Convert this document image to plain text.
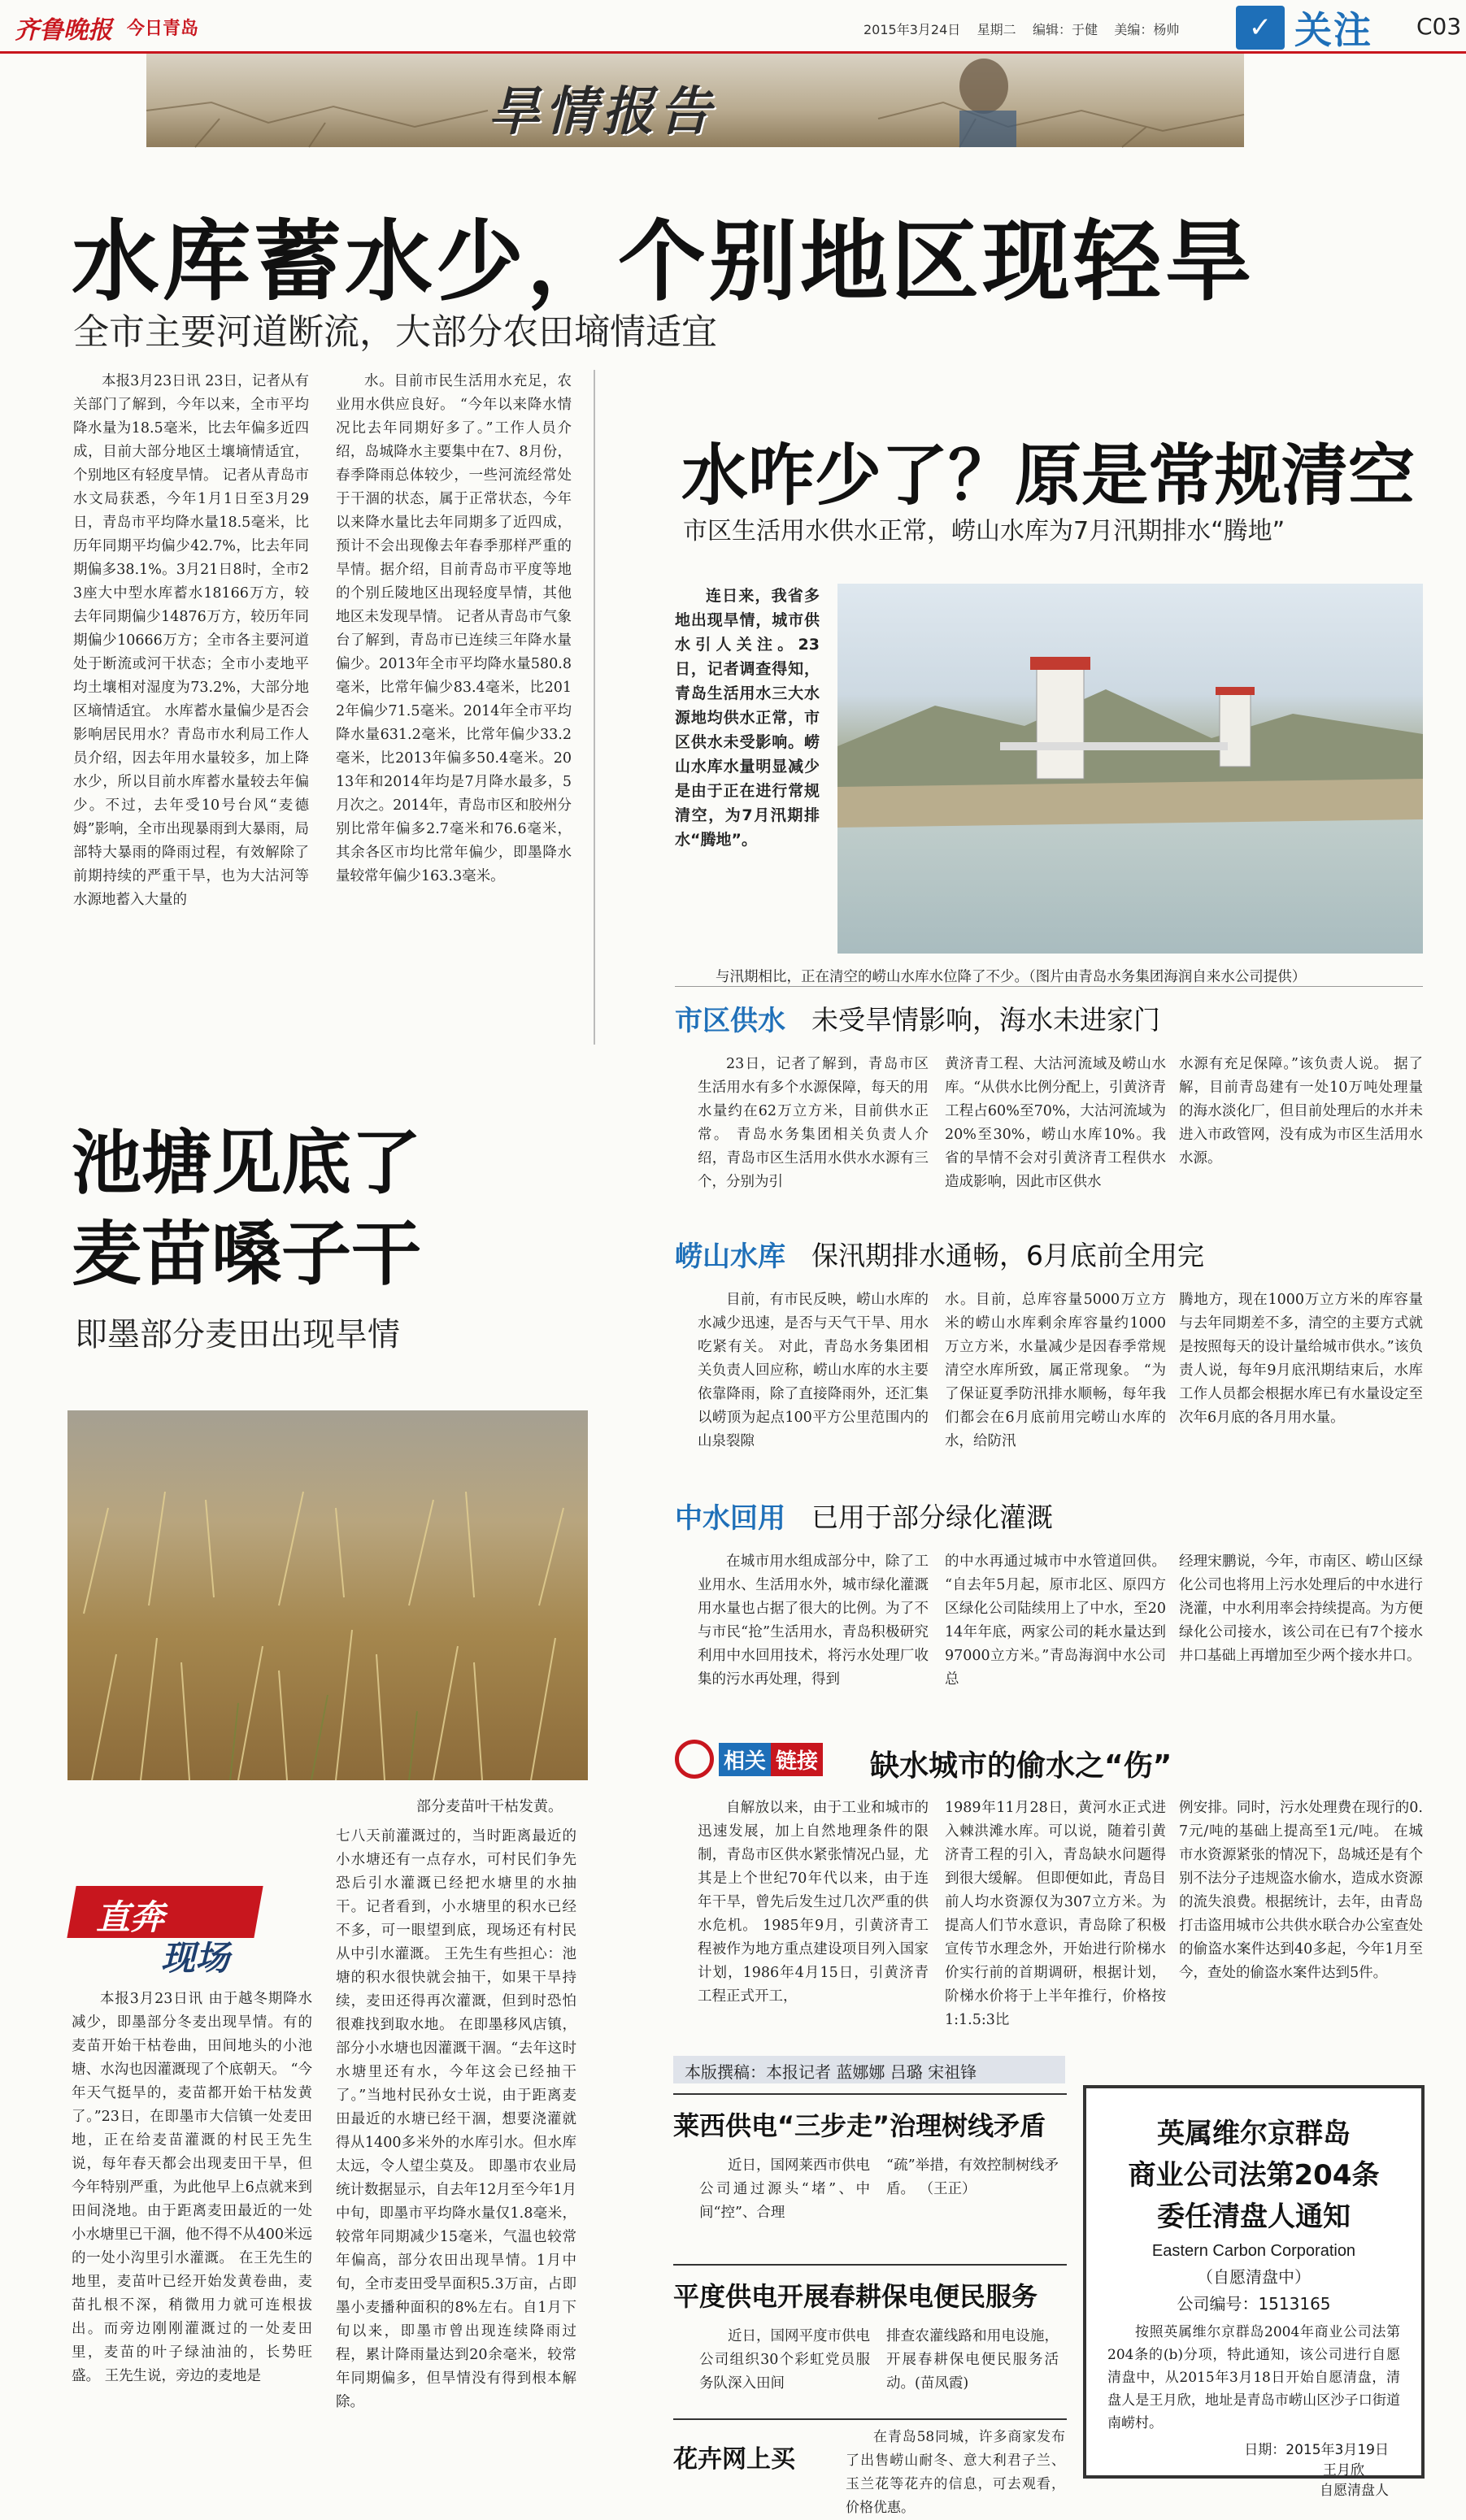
齐鲁晚报 今日青岛	2015年3月24日 星期二 编辑：于健 美编：杨帅	✓ 关注 C03
旱情报告
水库蓄水少，个别地区现轻旱
全市主要河道断流，大部分农田墒情适宜

本报3月23日讯 23日，记者从有关部门了解到，今年以来，全市平均降水量为18.5毫米，比去年偏多近四成，目前大部分地区土壤墒情适宜，个别地区有轻度旱情。 记者从青岛市水文局获悉，今年1月1日至3月29日，青岛市平均降水量18.5毫米，比历年同期平均偏少42.7%，比去年同期偏多38.1%。3月21日8时，全市23座大中型水库蓄水18166万方，较去年同期偏少14876万方，较历年同期偏少10666万方；全市各主要河道处于断流或河干状态；全市小麦地平均土壤相对湿度为73.2%，大部分地区墒情适宜。 水库蓄水量偏少是否会影响居民用水？青岛市水利局工作人员介绍，因去年用水量较多，加上降水少，所以目前水库蓄水量较去年偏少。不过，去年受10号台风“麦德姆”影响，全市出现暴雨到大暴雨，局部特大暴雨的降雨过程，有效解除了前期持续的严重干旱，也为大沽河等水源地蓄入大量的

水。目前市民生活用水充足，农业用水供应良好。 “今年以来降水情况比去年同期好多了。”工作人员介绍，岛城降水主要集中在7、8月份，春季降雨总体较少，一些河流经常处于干涸的状态，属于正常状态，今年以来降水量比去年同期多了近四成，预计不会出现像去年春季那样严重的旱情。据介绍，目前青岛市平度等地的个别丘陵地区出现轻度旱情，其他地区未发现旱情。 记者从青岛市气象台了解到，青岛市已连续三年降水量偏少。2013年全市平均降水量580.8毫米，比常年偏少83.4毫米，比2012年偏少71.5毫米。2014年全市平均降水量631.2毫米，比常年偏少33.2毫米，比2013年偏多50.4毫米。2013年和2014年均是7月降水最多，5月次之。2014年，青岛市区和胶州分别比常年偏多2.7毫米和76.6毫米，其余各区市均比常年偏少，即墨降水量较常年偏少163.3毫米。

水咋少了？原是常规清空
市区生活用水供水正常，崂山水库为7月汛期排水“腾地”

连日来，我省多地出现旱情，城市供水引人关注。23日，记者调查得知，青岛生活用水三大水源地均供水正常，市区供水未受影响。崂山水库水量明显减少是由于正在进行常规清空，为7月汛期排水“腾地”。

与汛期相比，正在清空的崂山水库水位降了不少。（图片由青岛水务集团海润自来水公司提供）
市区供水 未受旱情影响，海水未进家门

23日，记者了解到，青岛市区生活用水有多个水源保障，每天的用水量约在62万立方米，目前供水正常。 青岛水务集团相关负责人介绍，青岛市区生活用水供水水源有三个，分别为引

黄济青工程、大沽河流域及崂山水库。“从供水比例分配上，引黄济青工程占60%至70%，大沽河流域为20%至30%，崂山水库10%。我省的旱情不会对引黄济青工程供水造成影响，因此市区供水

水源有充足保障。”该负责人说。 据了解，目前青岛建有一处10万吨处理量的海水淡化厂，但目前处理后的水并未进入市政管网，没有成为市区生活用水水源。

崂山水库 保汛期排水通畅，6月底前全用完

目前，有市民反映，崂山水库的水减少迅速，是否与天气干旱、用水吃紧有关。 对此，青岛水务集团相关负责人回应称，崂山水库的水主要依靠降雨，除了直接降雨外，还汇集以崂顶为起点100平方公里范围内的山泉裂隙

水。目前，总库容量5000万立方米的崂山水库剩余库容量约1000万立方米，水量减少是因春季常规清空水库所致，属正常现象。 “为了保证夏季防汛排水顺畅，每年我们都会在6月底前用完崂山水库的水，给防汛

腾地方，现在1000万立方米的库容量与去年同期差不多，清空的主要方式就是按照每天的设计量给城市供水。”该负责人说，每年9月底汛期结束后，水库工作人员都会根据水库已有水量设定至次年6月底的各月用水量。

中水回用 已用于部分绿化灌溉

在城市用水组成部分中，除了工业用水、生活用水外，城市绿化灌溉用水量也占据了很大的比例。为了不与市民“抢”生活用水，青岛积极研究利用中水回用技术，将污水处理厂收集的污水再处理，得到

的中水再通过城市中水管道回供。 “自去年5月起，原市北区、原四方区绿化公司陆续用上了中水，至2014年年底，两家公司的耗水量达到97000立方米。”青岛海润中水公司总

经理宋鹏说，今年，市南区、崂山区绿化公司也将用上污水处理后的中水进行浇灌，中水利用率会持续提高。为方便绿化公司接水，该公司在已有7个接水井口基础上再增加至少两个接水井口。

相关 链接 缺水城市的偷水之“伤”

自解放以来，由于工业和城市的迅速发展，加上自然地理条件的限制，青岛市区供水紧张情况凸显，尤其是上个世纪70年代以来，由于连年干旱，曾先后发生过几次严重的供水危机。 1985年9月，引黄济青工程被作为地方重点建设项目列入国家计划，1986年4月15日，引黄济青工程正式开工，

1989年11月28日，黄河水正式进入棘洪滩水库。可以说，随着引黄济青工程的引入，青岛缺水问题得到很大缓解。 但即便如此，青岛目前人均水资源仅为307立方米。为提高人们节水意识，青岛除了积极宣传节水理念外，开始进行阶梯水价实行前的首期调研，根据计划，阶梯水价将于上半年推行，价格按1:1.5:3比

例安排。同时，污水处理费在现行的0.7元/吨的基础上提高至1元/吨。 在城市水资源紧张的情况下，岛城还是有个别不法分子违规盗水偷水，造成水资源的流失浪费。根据统计，去年，由青岛打击盗用城市公共供水联合办公室查处的偷盗水案件达到40多起，今年1月至今，查处的偷盗水案件达到5件。

本版撰稿：本报记者 蓝娜娜 吕璐 宋祖锋
池塘见底了
麦苗嗓子干
即墨部分麦田出现旱情
部分麦苗叶干枯发黄。
直奔
现场

本报3月23日讯 由于越冬期降水减少，即墨部分冬麦出现旱情。有的麦苗开始干枯卷曲，田间地头的小池塘、水沟也因灌溉现了个底朝天。 “今年天气挺旱的，麦苗都开始干枯发黄了。”23日，在即墨市大信镇一处麦田地，正在给麦苗灌溉的村民王先生说，每年春天都会出现麦田干旱，但今年特别严重，为此他早上6点就来到田间浇地。由于距离麦田最近的一处小水塘里已干涸，他不得不从400米远的一处小沟里引水灌溉。 在王先生的地里，麦苗叶已经开始发黄卷曲，麦苗扎根不深，稍微用力就可连根拔出。而旁边刚刚灌溉过的一处麦田里，麦苗的叶子绿油油的，长势旺盛。 王先生说，旁边的麦地是

七八天前灌溉过的，当时距离最近的小水塘还有一点存水，可村民们争先恐后引水灌溉已经把水塘里的水抽干。记者看到，小水塘里的积水已经不多，可一眼望到底，现场还有村民从中引水灌溉。 王先生有些担心：池塘的积水很快就会抽干，如果干旱持续，麦田还得再次灌溉，但到时恐怕很难找到取水地。 在即墨移风店镇，部分小水塘也因灌溉干涸。“去年这时水塘里还有水，今年这会已经抽干了。”当地村民孙女士说，由于距离麦田最近的水塘已经干涸，想要浇灌就得从1400多米外的水库引水。但水库太远，令人望尘莫及。 即墨市农业局统计数据显示，自去年12月至今年1月中旬，即墨市平均降水量仅1.8毫米，较常年同期减少15毫米，气温也较常年偏高，部分农田出现旱情。1月中旬，全市麦田受旱面积5.3万亩，占即墨小麦播种面积的8%左右。自1月下旬以来，即墨市曾出现连续降雨过程，累计降雨量达到20余毫米，较常年同期偏多，但旱情没有得到根本解除。

莱西供电“三步走”治理树线矛盾

近日，国网莱西市供电公司通过源头“堵”、中间“控”、合理

“疏”举措，有效控制树线矛盾。 （王正）

平度供电开展春耕保电便民服务

近日，国网平度市供电公司组织30个彩虹党员服务队深入田间

排查农灌线路和用电设施，开展春耕保电便民服务活动。(苗凤霞)

花卉网上买

在青岛58同城，许多商家发布了出售崂山耐冬、意大利君子兰、玉兰花等花卉的信息，可去观看，价格优惠。

英属维尔京群岛
商业公司法第204条
委任清盘人通知
Eastern Carbon Corporation
（自愿清盘中）
公司编号：1513165
按照英属维尔京群岛2004年商业公司法第204条的(b)分项，特此通知，该公司进行自愿清盘中，从2015年3月18日开始自愿清盘，清盘人是王月欣，地址是青岛市崂山区沙子口街道南崂村。
日期：2015年3月19日
王月欣
自愿清盘人
